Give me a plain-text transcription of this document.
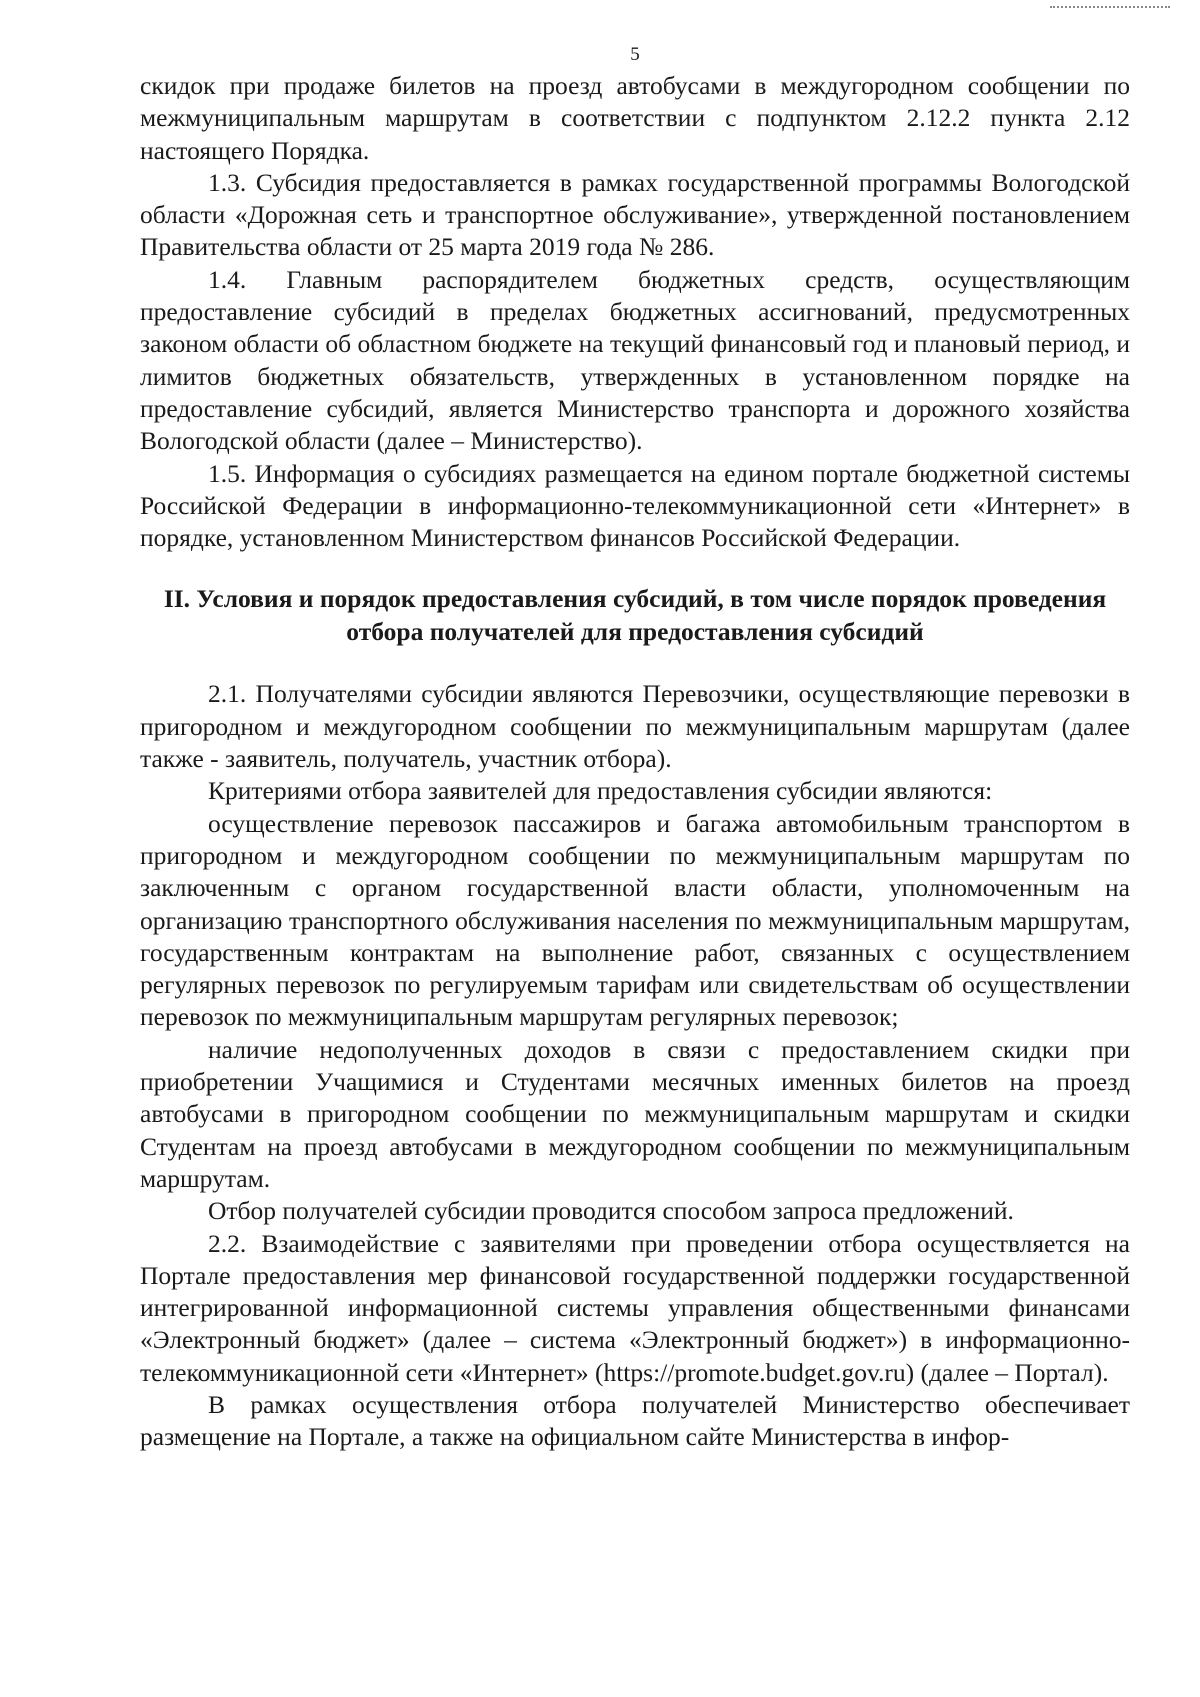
5

скидок при продаже билетов на проезд автобусами в междугородном сообщении по межмуниципальным маршрутам в соответствии с подпунктом 2.12.2 пункта 2.12 настоящего Порядка.

1.3. Субсидия предоставляется в рамках государственной программы Вологодской области «Дорожная сеть и транспортное обслуживание», утвержденной постановлением Правительства области от 25 марта 2019 года № 286.

1.4. Главным распорядителем бюджетных средств, осуществляющим предоставление субсидий в пределах бюджетных ассигнований, предусмотренных законом области об областном бюджете на текущий финансовый год и плановый период, и лимитов бюджетных обязательств, утвержденных в установленном порядке на предоставление субсидий, является Министерство транспорта и дорожного хозяйства Вологодской области (далее – Министерство).

1.5. Информация о субсидиях размещается на едином портале бюджетной системы Российской Федерации в информационно-телекоммуникационной сети «Интернет» в порядке, установленном Министерством финансов Российской Федерации.

II. Условия и порядок предоставления субсидий, в том числе порядок проведения отбора получателей для предоставления субсидий

2.1. Получателями субсидии являются Перевозчики, осуществляющие перевозки в пригородном и междугородном сообщении по межмуниципальным маршрутам (далее также - заявитель, получатель, участник отбора).

Критериями отбора заявителей для предоставления субсидии являются:

осуществление перевозок пассажиров и багажа автомобильным транспортом в пригородном и междугородном сообщении по межмуниципальным маршрутам по заключенным с органом государственной власти области, уполномоченным на организацию транспортного обслуживания населения по межмуниципальным маршрутам, государственным контрактам на выполнение работ, связанных с осуществлением регулярных перевозок по регулируемым тарифам или свидетельствам об осуществлении перевозок по межмуниципальным маршрутам регулярных перевозок;

наличие недополученных доходов в связи с предоставлением скидки при приобретении Учащимися и Студентами месячных именных билетов на проезд автобусами в пригородном сообщении по межмуниципальным маршрутам и скидки Студентам на проезд автобусами в междугородном сообщении по межмуниципальным маршрутам.

Отбор получателей субсидии проводится способом запроса предложений.

2.2. Взаимодействие с заявителями при проведении отбора осуществляется на Портале предоставления мер финансовой государственной поддержки государственной интегрированной информационной системы управления общественными финансами «Электронный бюджет» (далее – система «Электронный бюджет») в информационно-телекоммуникационной сети «Интернет» (https://promote.budget.gov.ru) (далее – Портал).

В рамках осуществления отбора получателей Министерство обеспечивает размещение на Портале, а также на официальном сайте Министерства в инфор-
